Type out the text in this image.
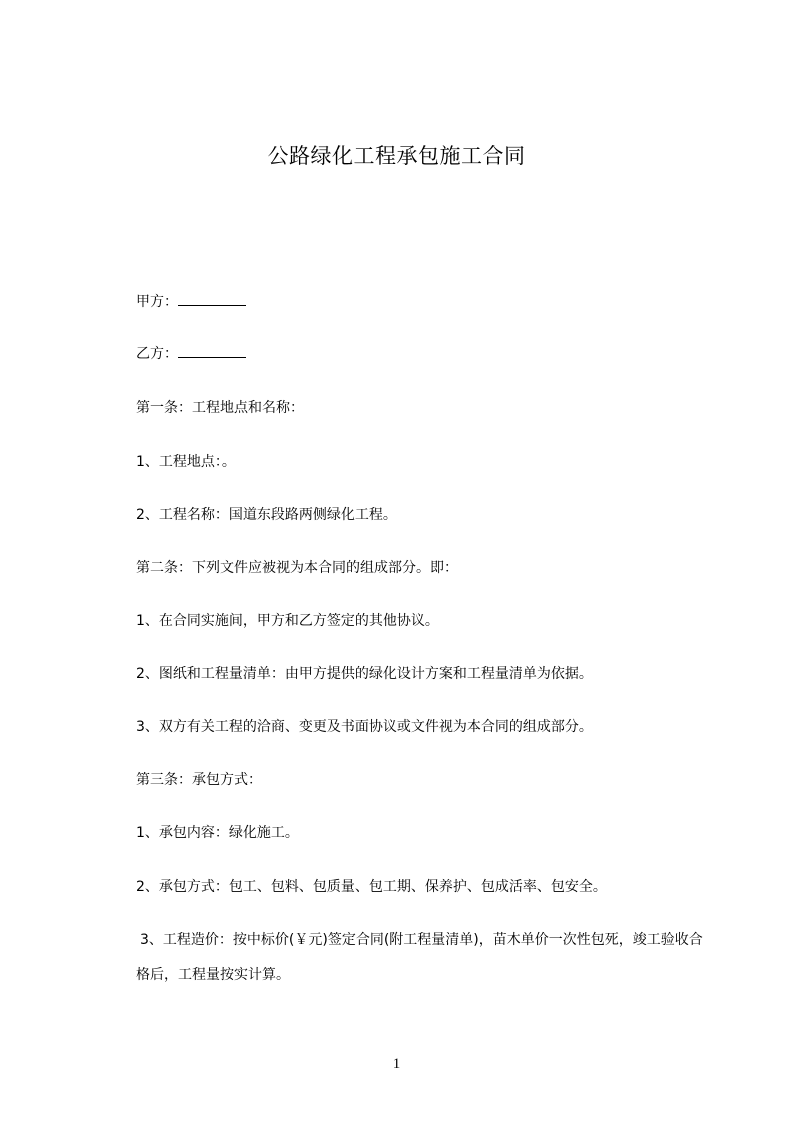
公路绿化工程承包施工合同
甲方：
乙方：
第一条：工程地点和名称：
1、工程地点：。
2、工程名称：国道东段路两侧绿化工程。
第二条：下列文件应被视为本合同的组成部分。即：
1、在合同实施间，甲方和乙方签定的其他协议。
2、图纸和工程量清单：由甲方提供的绿化设计方案和工程量清单为依据。
3、双方有关工程的洽商、变更及书面协议或文件视为本合同的组成部分。
第三条：承包方式：
1、承包内容：绿化施工。
2、承包方式：包工、包料、包质量、包工期、保养护、包成活率、包安全。
3、工程造价：按中标价(￥元)签定合同(附工程量清单)，苗木单价一次性包死，竣工验收合格后，工程量按实计算。
1
